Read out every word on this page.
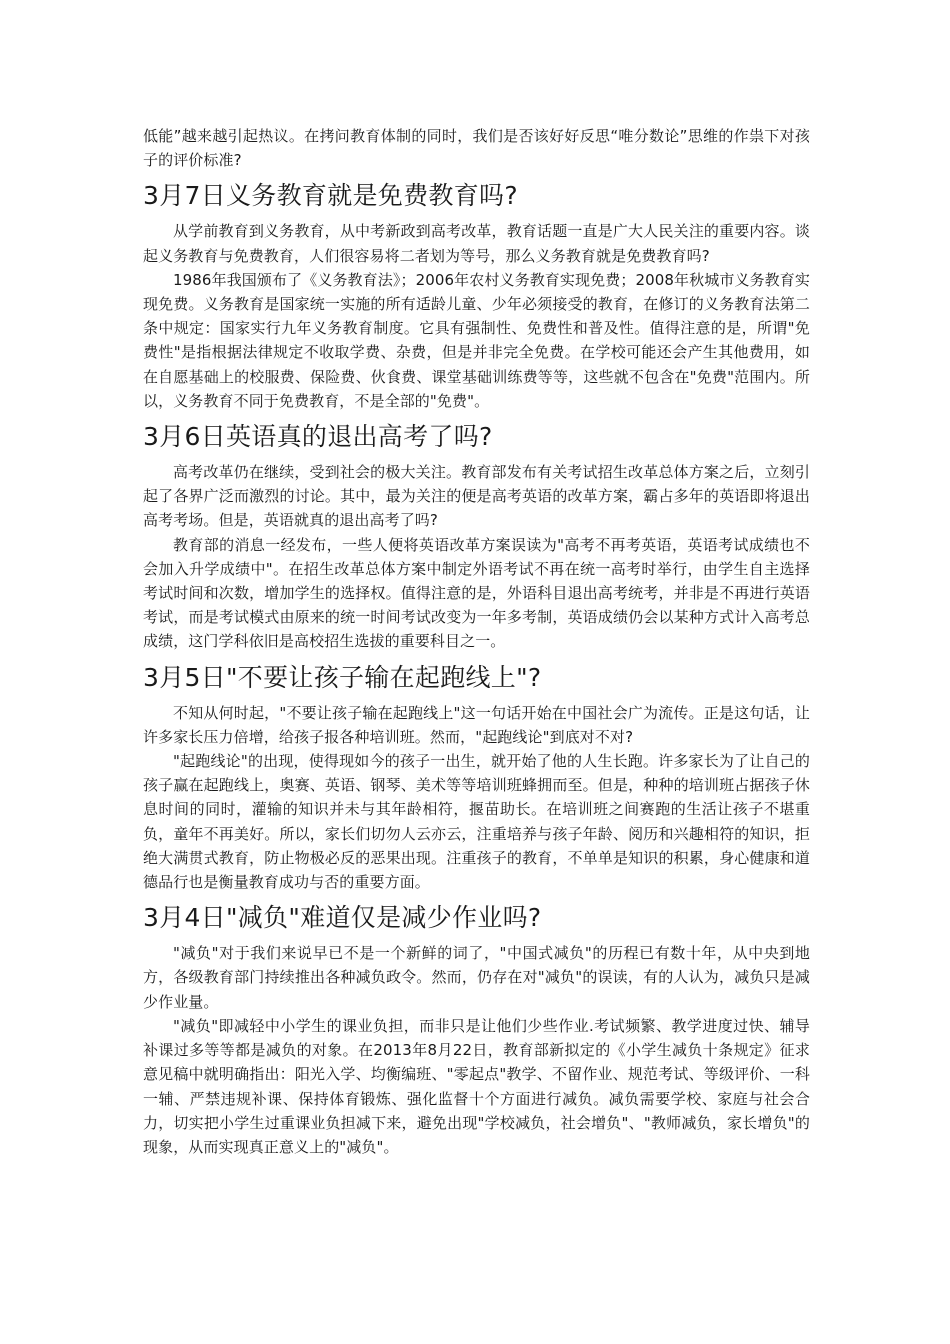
低能”越来越引起热议。在拷问教育体制的同时，我们是否该好好反思“唯分数论”思维的作祟下对孩子的评价标准?

3月7日义务教育就是免费教育吗?

从学前教育到义务教育，从中考新政到高考改革，教育话题一直是广大人民关注的重要内容。谈起义务教育与免费教育，人们很容易将二者划为等号，那么义务教育就是免费教育吗?

1986年我国颁布了《义务教育法》；2006年农村义务教育实现免费；2008年秋城市义务教育实现免费。义务教育是国家统一实施的所有适龄儿童、少年必须接受的教育，在修订的义务教育法第二条中规定：国家实行九年义务教育制度。它具有强制性、免费性和普及性。值得注意的是，所谓"免费性"是指根据法律规定不收取学费、杂费，但是并非完全免费。在学校可能还会产生其他费用，如在自愿基础上的校服费、保险费、伙食费、课堂基础训练费等等，这些就不包含在"免费"范围内。所以，义务教育不同于免费教育，不是全部的"免费"。

3月6日英语真的退出高考了吗?

高考改革仍在继续，受到社会的极大关注。教育部发布有关考试招生改革总体方案之后，立刻引起了各界广泛而激烈的讨论。其中，最为关注的便是高考英语的改革方案，霸占多年的英语即将退出高考考场。但是，英语就真的退出高考了吗?

教育部的消息一经发布，一些人便将英语改革方案误读为"高考不再考英语，英语考试成绩也不会加入升学成绩中"。在招生改革总体方案中制定外语考试不再在统一高考时举行，由学生自主选择考试时间和次数，增加学生的选择权。值得注意的是，外语科目退出高考统考，并非是不再进行英语考试，而是考试模式由原来的统一时间考试改变为一年多考制，英语成绩仍会以某种方式计入高考总成绩，这门学科依旧是高校招生选拔的重要科目之一。

3月5日"不要让孩子输在起跑线上"?

不知从何时起，"不要让孩子输在起跑线上"这一句话开始在中国社会广为流传。正是这句话，让许多家长压力倍增，给孩子报各种培训班。然而，"起跑线论"到底对不对?

"起跑线论"的出现，使得现如今的孩子一出生，就开始了他的人生长跑。许多家长为了让自己的孩子赢在起跑线上，奥赛、英语、钢琴、美术等等培训班蜂拥而至。但是，种种的培训班占据孩子休息时间的同时，灌输的知识并未与其年龄相符，揠苗助长。在培训班之间赛跑的生活让孩子不堪重负，童年不再美好。所以，家长们切勿人云亦云，注重培养与孩子年龄、阅历和兴趣相符的知识，拒绝大满贯式教育，防止物极必反的恶果出现。注重孩子的教育，不单单是知识的积累，身心健康和道德品行也是衡量教育成功与否的重要方面。

3月4日"减负"难道仅是减少作业吗?

"减负"对于我们来说早已不是一个新鲜的词了，"中国式减负"的历程已有数十年，从中央到地方，各级教育部门持续推出各种减负政令。然而，仍存在对"减负"的误读，有的人认为，减负只是减少作业量。

"减负"即减轻中小学生的课业负担，而非只是让他们少些作业.考试频繁、教学进度过快、辅导补课过多等等都是减负的对象。在2013年8月22日，教育部新拟定的《小学生减负十条规定》征求意见稿中就明确指出：阳光入学、均衡编班、"零起点"教学、不留作业、规范考试、等级评价、一科一辅、严禁违规补课、保持体育锻炼、强化监督十个方面进行减负。减负需要学校、家庭与社会合力，切实把小学生过重课业负担减下来，避免出现"学校减负，社会增负"、"教师减负，家长增负"的现象，从而实现真正意义上的"减负"。
